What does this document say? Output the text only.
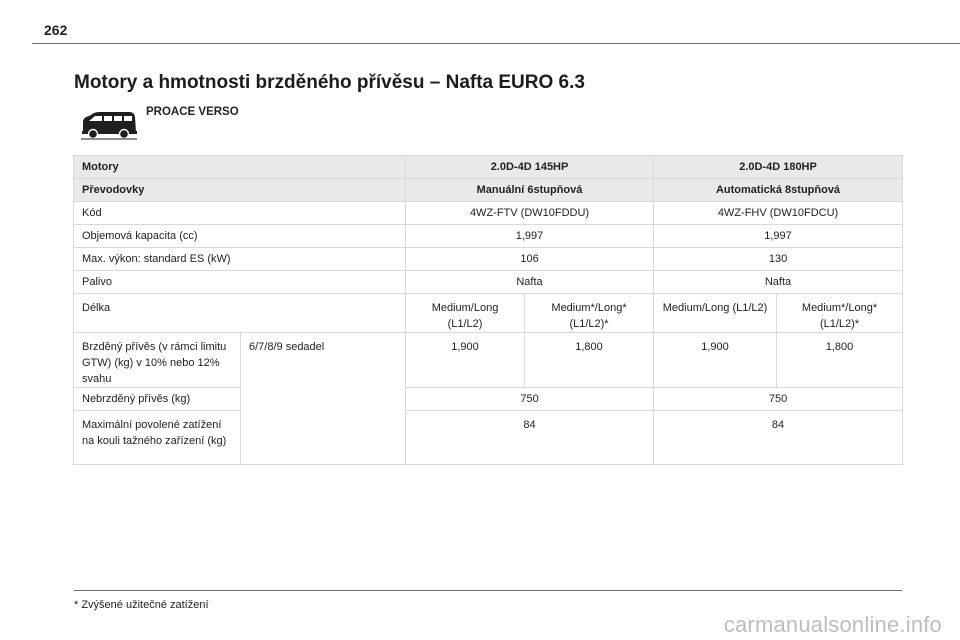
262
Motory a hmotnosti brzděného přívěsu – Nafta EURO 6.3
PROACE VERSO
Motory		2.0D-4D 145HP		2.0D-4D 180HP	
Převodovky		Manuální 6stupňová		Automatická 8stupňová	
Kód		4WZ-FTV (DW10FDDU)		4WZ-FHV (DW10FDCU)	
Objemová kapacita (cc)		1,997		1,997	
Max. výkon: standard ES (kW)		106		130	
Palivo		Nafta		Nafta	
Délka		Medium/Long (L1/L2)	Medium*/Long* (L1/L2)*	Medium/Long (L1/L2)	Medium*/Long* (L1/L2)*
Brzděný přívěs (v rámci limitu GTW) (kg) v 10% nebo 12% svahu	6/7/8/9 sedadel	1,900	1,800	1,900	1,800
Nebrzděný přívěs (kg)		750		750	
Maximální povolené zatížení na kouli tažného zařízení (kg)		84		84	
* Zvýšené užitečné zatížení
carmanualsonline.info
